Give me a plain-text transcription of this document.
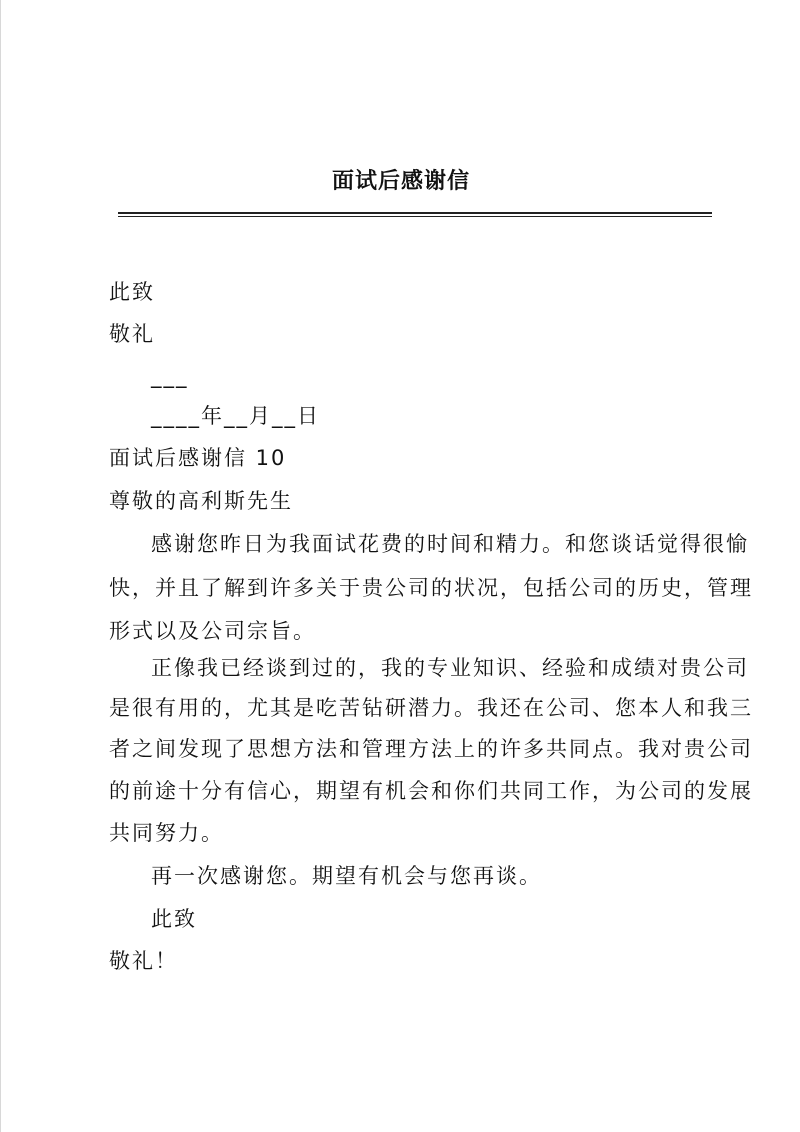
面试后感谢信
此致
敬礼
___
____年__月__日
面试后感谢信 10
尊敬的高利斯先生
感谢您昨日为我面试花费的时间和精力。和您谈话觉得很愉
快，并且了解到许多关于贵公司的状况，包括公司的历史，管理
形式以及公司宗旨。
正像我已经谈到过的，我的专业知识、经验和成绩对贵公司
是很有用的，尤其是吃苦钻研潜力。我还在公司、您本人和我三
者之间发现了思想方法和管理方法上的许多共同点。我对贵公司
的前途十分有信心，期望有机会和你们共同工作，为公司的发展
共同努力。
再一次感谢您。期望有机会与您再谈。
此致
敬礼！
